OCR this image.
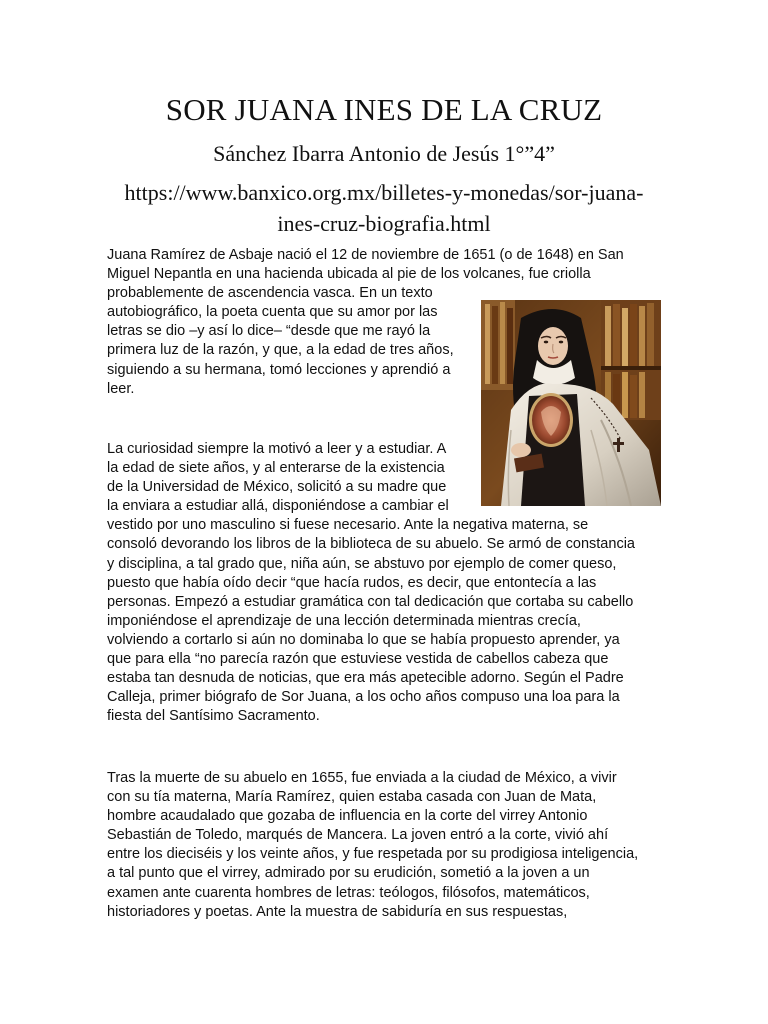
SOR JUANA INES DE LA CRUZ
Sánchez Ibarra Antonio de Jesús 1°”4”
https://www.banxico.org.mx/billetes-y-monedas/sor-juana-
ines-cruz-biografia.html
Juana Ramírez de Asbaje nació el 12 de noviembre de 1651 (o de 1648) en San
Miguel Nepantla en una hacienda ubicada al pie de los volcanes, fue criolla
probablemente de ascendencia vasca. En un texto
autobiográfico, la poeta cuenta que su amor por las
letras se dio –y así lo dice– “desde que me rayó la
primera luz de la razón, y que, a la edad de tres años,
siguiendo a su hermana, tomó lecciones y aprendió a
leer.
La curiosidad siempre la motivó a leer y a estudiar. A
la edad de siete años, y al enterarse de la existencia
de la Universidad de México, solicitó a su madre que
la enviara a estudiar allá, disponiéndose a cambiar el
vestido por uno masculino si fuese necesario. Ante la negativa materna, se
consoló devorando los libros de la biblioteca de su abuelo. Se armó de constancia
y disciplina, a tal grado que, niña aún, se abstuvo por ejemplo de comer queso,
puesto que había oído decir “que hacía rudos, es decir, que entontecía a las
personas. Empezó a estudiar gramática con tal dedicación que cortaba su cabello
imponiéndose el aprendizaje de una lección determinada mientras crecía,
volviendo a cortarlo si aún no dominaba lo que se había propuesto aprender, ya
que para ella “no parecía razón que estuviese vestida de cabellos cabeza que
estaba tan desnuda de noticias, que era más apetecible adorno. Según el Padre
Calleja, primer biógrafo de Sor Juana, a los ocho años compuso una loa para la
fiesta del Santísimo Sacramento.
Tras la muerte de su abuelo en 1655, fue enviada a la ciudad de México, a vivir
con su tía materna, María Ramírez, quien estaba casada con Juan de Mata,
hombre acaudalado que gozaba de influencia en la corte del virrey Antonio
Sebastián de Toledo, marqués de Mancera. La joven entró a la corte, vivió ahí
entre los dieciséis y los veinte años, y fue respetada por su prodigiosa inteligencia,
a tal punto que el virrey, admirado por su erudición, sometió a la joven a un
examen ante cuarenta hombres de letras: teólogos, filósofos, matemáticos,
historiadores y poetas. Ante la muestra de sabiduría en sus respuestas,
